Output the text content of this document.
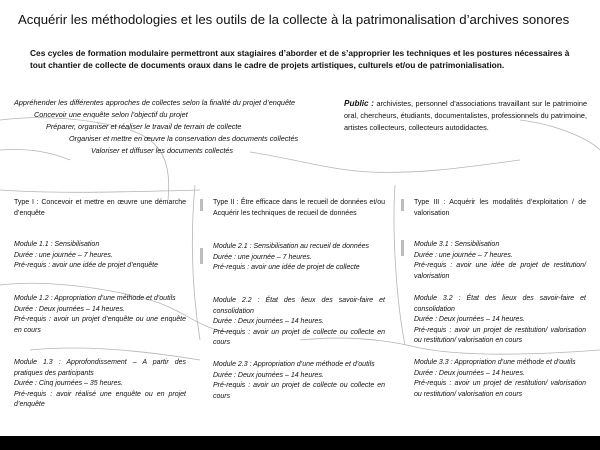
Acquérir les méthodologies et les outils de la collecte à la patrimonalisation d’archives sonores
Ces cycles de formation modulaire permettront aux stagiaires d’aborder et de s’approprier les techniques et les postures nécessaires à tout chantier de collecte de documents oraux dans le cadre de projets artistiques, culturels et/ou de patrimonialisation.
Appréhender les différentes approches de collectes selon la finalité du projet d’enquête
Concevoir une enquête selon l’objectif du projet
Préparer, organiser et réaliser le travail de terrain de collecte
Organiser et mettre en œuvre la conservation des documents collectés
Valoriser et diffuser les documents collectés
Public : archivistes, personnel d’associations travaillant sur le patrimoine oral, chercheurs, étudiants, documentalistes, professionnels du patrimoine, artistes collecteurs, collecteurs autodidactes.
Type I : Concevoir et mettre en œuvre une démarche d’enquête
Module 1.1 : Sensibilisation
Durée : une journée – 7 heures.
Pré-requis : avoir une idée de projet d’enquête
Module 1.2 : Appropriation d’une méthode et d’outils
Durée : Deux journées – 14 heures.
Pré-requis : avoir un projet d’enquête ou une enquête en cours
Module 1.3 : Approfondissement – A partir des pratiques des participants
Durée : Cinq journées – 35 heures.
Pré-requis : avoir réalisé une enquête ou en projet d’enquête
Type II : Être efficace dans le recueil de données et/ou Acquérir les techniques de recueil de données
Module 2.1 : Sensibilisation au recueil de données
Durée : une journée – 7 heures.
Pré-requis : avoir une idée de projet de collecte
Module 2.2 : État des lieux des savoir-faire et consolidation
Durée : Deux journées – 14 heures.
Pré-requis : avoir un projet de collecte ou collecte en cours
Module 2.3 : Appropriation d’une méthode et d’outils
Durée : Deux journées – 14 heures.
Pré-requis : avoir un projet de collecte ou collecte en cours
Type III : Acquérir les modalités d’exploitation / de valorisation
Module 3.1 : Sensibilisation
Durée : une journée – 7 heures.
Pré-requis : avoir une idée de projet de restitution/ valorisation
Module 3.2 : État des lieux des savoir-faire et consolidation
Durée : Deux journées – 14 heures.
Pré-requis : avoir un projet de restitution/ valorisation ou restitution/ valorisation en cours
Module 3.3 : Appropriation d’une méthode et d’outils
Durée : Deux journées – 14 heures.
Pré-requis : avoir un projet de restitution/ valorisation ou restitution/ valorisation en cours
